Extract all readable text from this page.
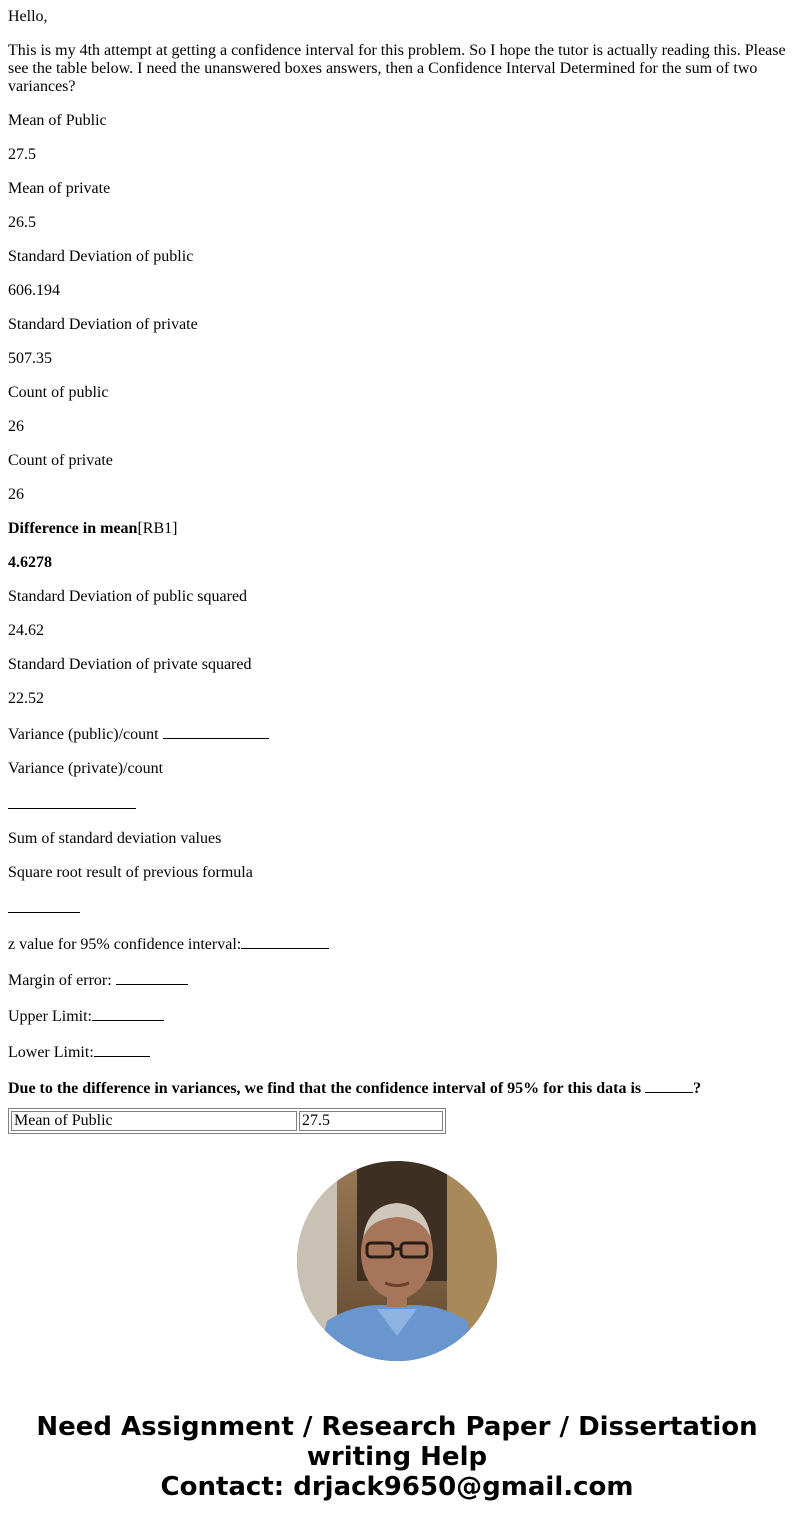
Hello,

This is my 4th attempt at getting a confidence interval for this problem. So I hope the tutor is actually reading this. Please see the table below. I need the unanswered boxes answers, then a Confidence Interval Determined for the sum of two variances?

Mean of Public

27.5

Mean of private

26.5

Standard Deviation of public

606.194

Standard Deviation of private

507.35

Count of public

26

Count of private

26

Difference in mean[RB1]

4.6278

Standard Deviation of public squared

24.62

Standard Deviation of private squared

22.52

Variance (public)/count

Variance (private)/count

Sum of standard deviation values

Square root result of previous formula

z value for 95% confidence interval:

Margin of error:

Upper Limit:

Lower Limit:

Due to the difference in variances, we find that the confidence interval of 95% for this data is	?

Mean of Public	27.5
Need Assignment / Research Paper / Dissertation
writing Help
Contact: drjack9650@gmail.com
